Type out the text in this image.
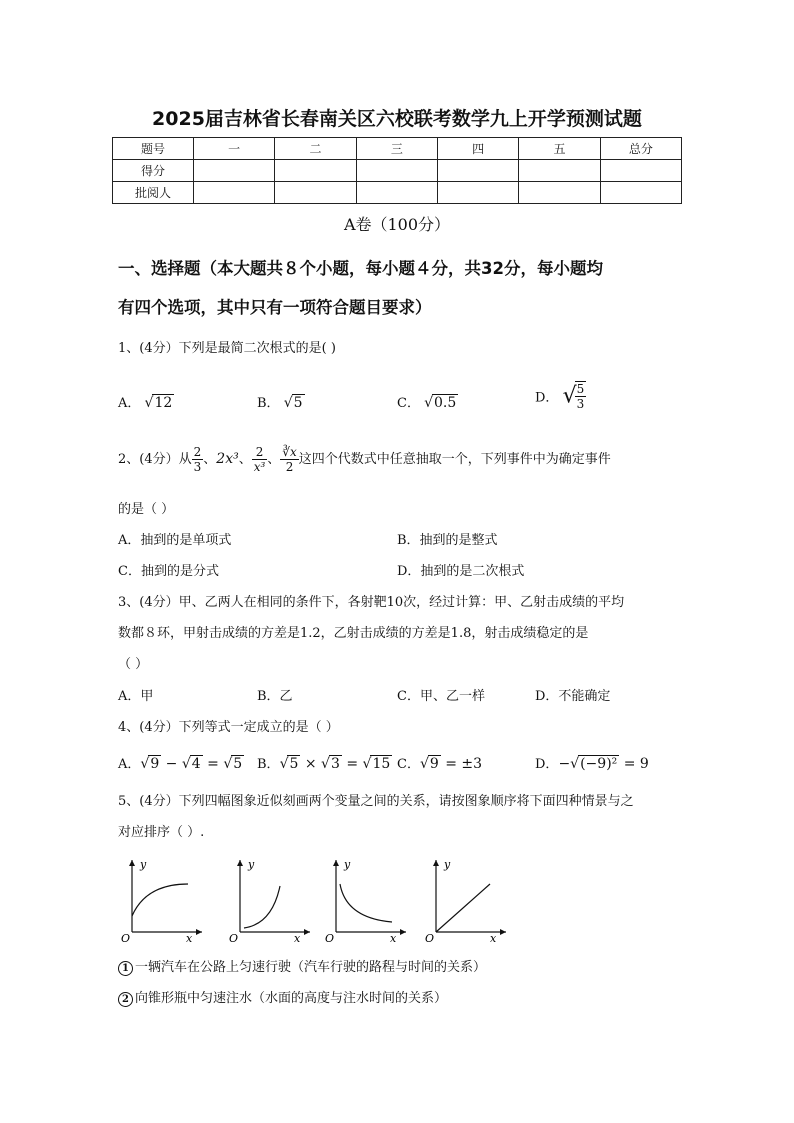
2025届吉林省长春南关区六校联考数学九上开学预测试题
题号	一	二	三	四	五	总分
得分						
批阅人						
A卷（100分）
一、选择题（本大题共８个小题，每小题４分，共32分，每小题均
有四个选项，其中只有一项符合题目要求）
1、(4分）下列是最简二次根式的是( )
A． √12	B． √5	C． √0.5	D． √
$\frac{5}{3}$
2、(4分）从 $\frac{2}{3}$ 、2x³、 $\frac{2}{\text{x³}}$ 、 $\frac{∛x}{2}$ 这四个代数式中任意抽取一个，下列事件中为确定事件
的是（ ）
A．抽到的是单项式	B．抽到的是整式
C．抽到的是分式	D．抽到的是二次根式
3、(4分）甲、乙两人在相同的条件下，各射靶10次，经过计算：甲、乙射击成绩的平均
数都８环，甲射击成绩的方差是1.2，乙射击成绩的方差是1.8，射击成绩稳定的是
（ ）
A．甲	B．乙	C．甲、乙一样	D．不能确定
4、(4分）下列等式一定成立的是（ ）
A．√9 − √4 = √5 B．√5 × √3 = √15 C．√9 = ±3	D．−√(−9)² = 9
5、(4分）下列四幅图象近似刻画两个变量之间的关系，请按图象顺序将下面四种情景与之
对应排序（ ）.
y
x
O
y
x
O
y
x
O
y
x
O
1 一辆汽车在公路上匀速行驶（汽车行驶的路程与时间的关系）
2 向锥形瓶中匀速注水（水面的高度与注水时间的关系）
